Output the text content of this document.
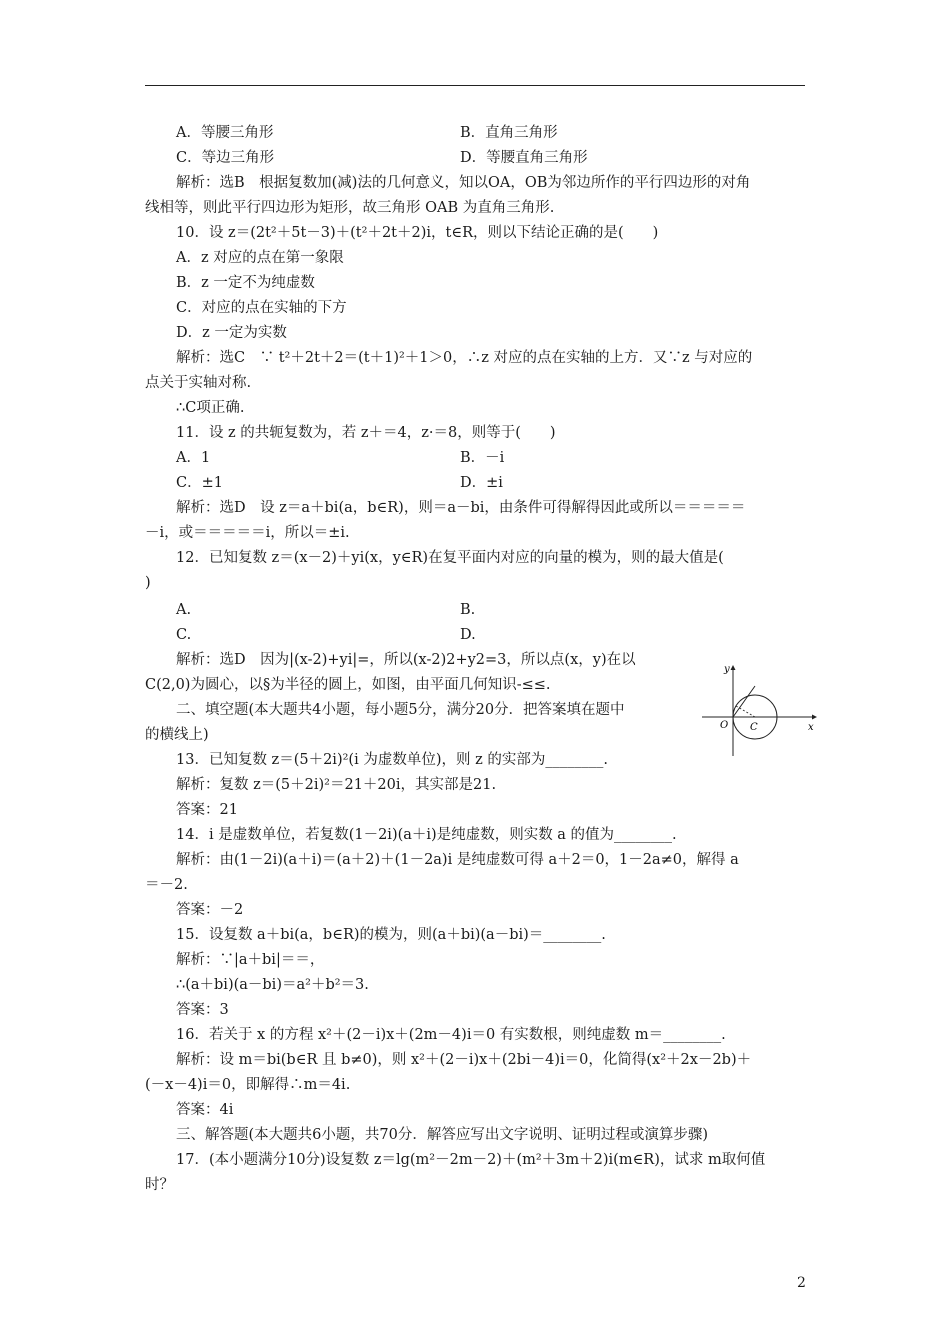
A．等腰三角形	B．直角三角形
C．等边三角形	D．等腰直角三角形
解析：选B　根据复数加(减)法的几何意义，知以OA，OB为邻边所作的平行四边形的对角
线相等，则此平行四边形为矩形，故三角形 OAB 为直角三角形.
10．设 z＝(2t²＋5t－3)＋(t²＋2t＋2)i，t∈R，则以下结论正确的是(　　)
A．z 对应的点在第一象限
B．z 一定不为纯虚数
C．对应的点在实轴的下方
D．z 一定为实数
解析：选C　∵ t²＋2t＋2＝(t＋1)²＋1＞0，∴z 对应的点在实轴的上方．又∵z 与对应的
点关于实轴对称.
∴C项正确.
11．设 z 的共轭复数为，若 z＋＝4，z·＝8，则等于(　　)
A．1	B．－i
C．±1	D．±i
解析：选D　设 z＝a＋bi(a，b∈R)，则＝a－bi，由条件可得解得因此或所以＝＝＝＝＝
－i，或＝＝＝＝＝i，所以＝±i.
12．已知复数 z＝(x－2)＋yi(x，y∈R)在复平面内对应的向量的模为，则的最大值是(
)
A.	B.
C.	D.
解析：选D　因为|(x-2)+yi|=，所以(x-2)2+y2=3，所以点(x，y)在以
C(2,0)为圆心，以§为半径的圆上，如图，由平面几何知识-≤≤.
二、填空题(本大题共4小题，每小题5分，满分20分．把答案填在题中
的横线上)
13．已知复数 z＝(5＋2i)²(i 为虚数单位)，则 z 的实部为________.
解析：复数 z＝(5＋2i)²＝21＋20i，其实部是21.
答案：21
14．i 是虚数单位，若复数(1－2i)(a＋i)是纯虚数，则实数 a 的值为________.
解析：由(1－2i)(a＋i)＝(a＋2)＋(1－2a)i 是纯虚数可得 a＋2＝0，1－2a≠0，解得 a
＝－2.
答案：－2
15．设复数 a＋bi(a，b∈R)的模为，则(a＋bi)(a－bi)＝________.
解析：∵|a＋bi|＝＝，
∴(a＋bi)(a－bi)＝a²＋b²＝3.
答案：3
16．若关于 x 的方程 x²＋(2－i)x＋(2m－4)i＝0 有实数根，则纯虚数 m＝________.
解析：设 m＝bi(b∈R 且 b≠0)，则 x²＋(2－i)x＋(2bi－4)i＝0，化简得(x²＋2x－2b)＋
(－x－4)i＝0，即解得∴m＝4i.
答案：4i
三、解答题(本大题共6小题，共70分．解答应写出文字说明、证明过程或演算步骤)
17．(本小题满分10分)设复数 z＝lg(m²－2m－2)＋(m²＋3m＋2)i(m∈R)，试求 m取何值
时？
y
x
O C
2
